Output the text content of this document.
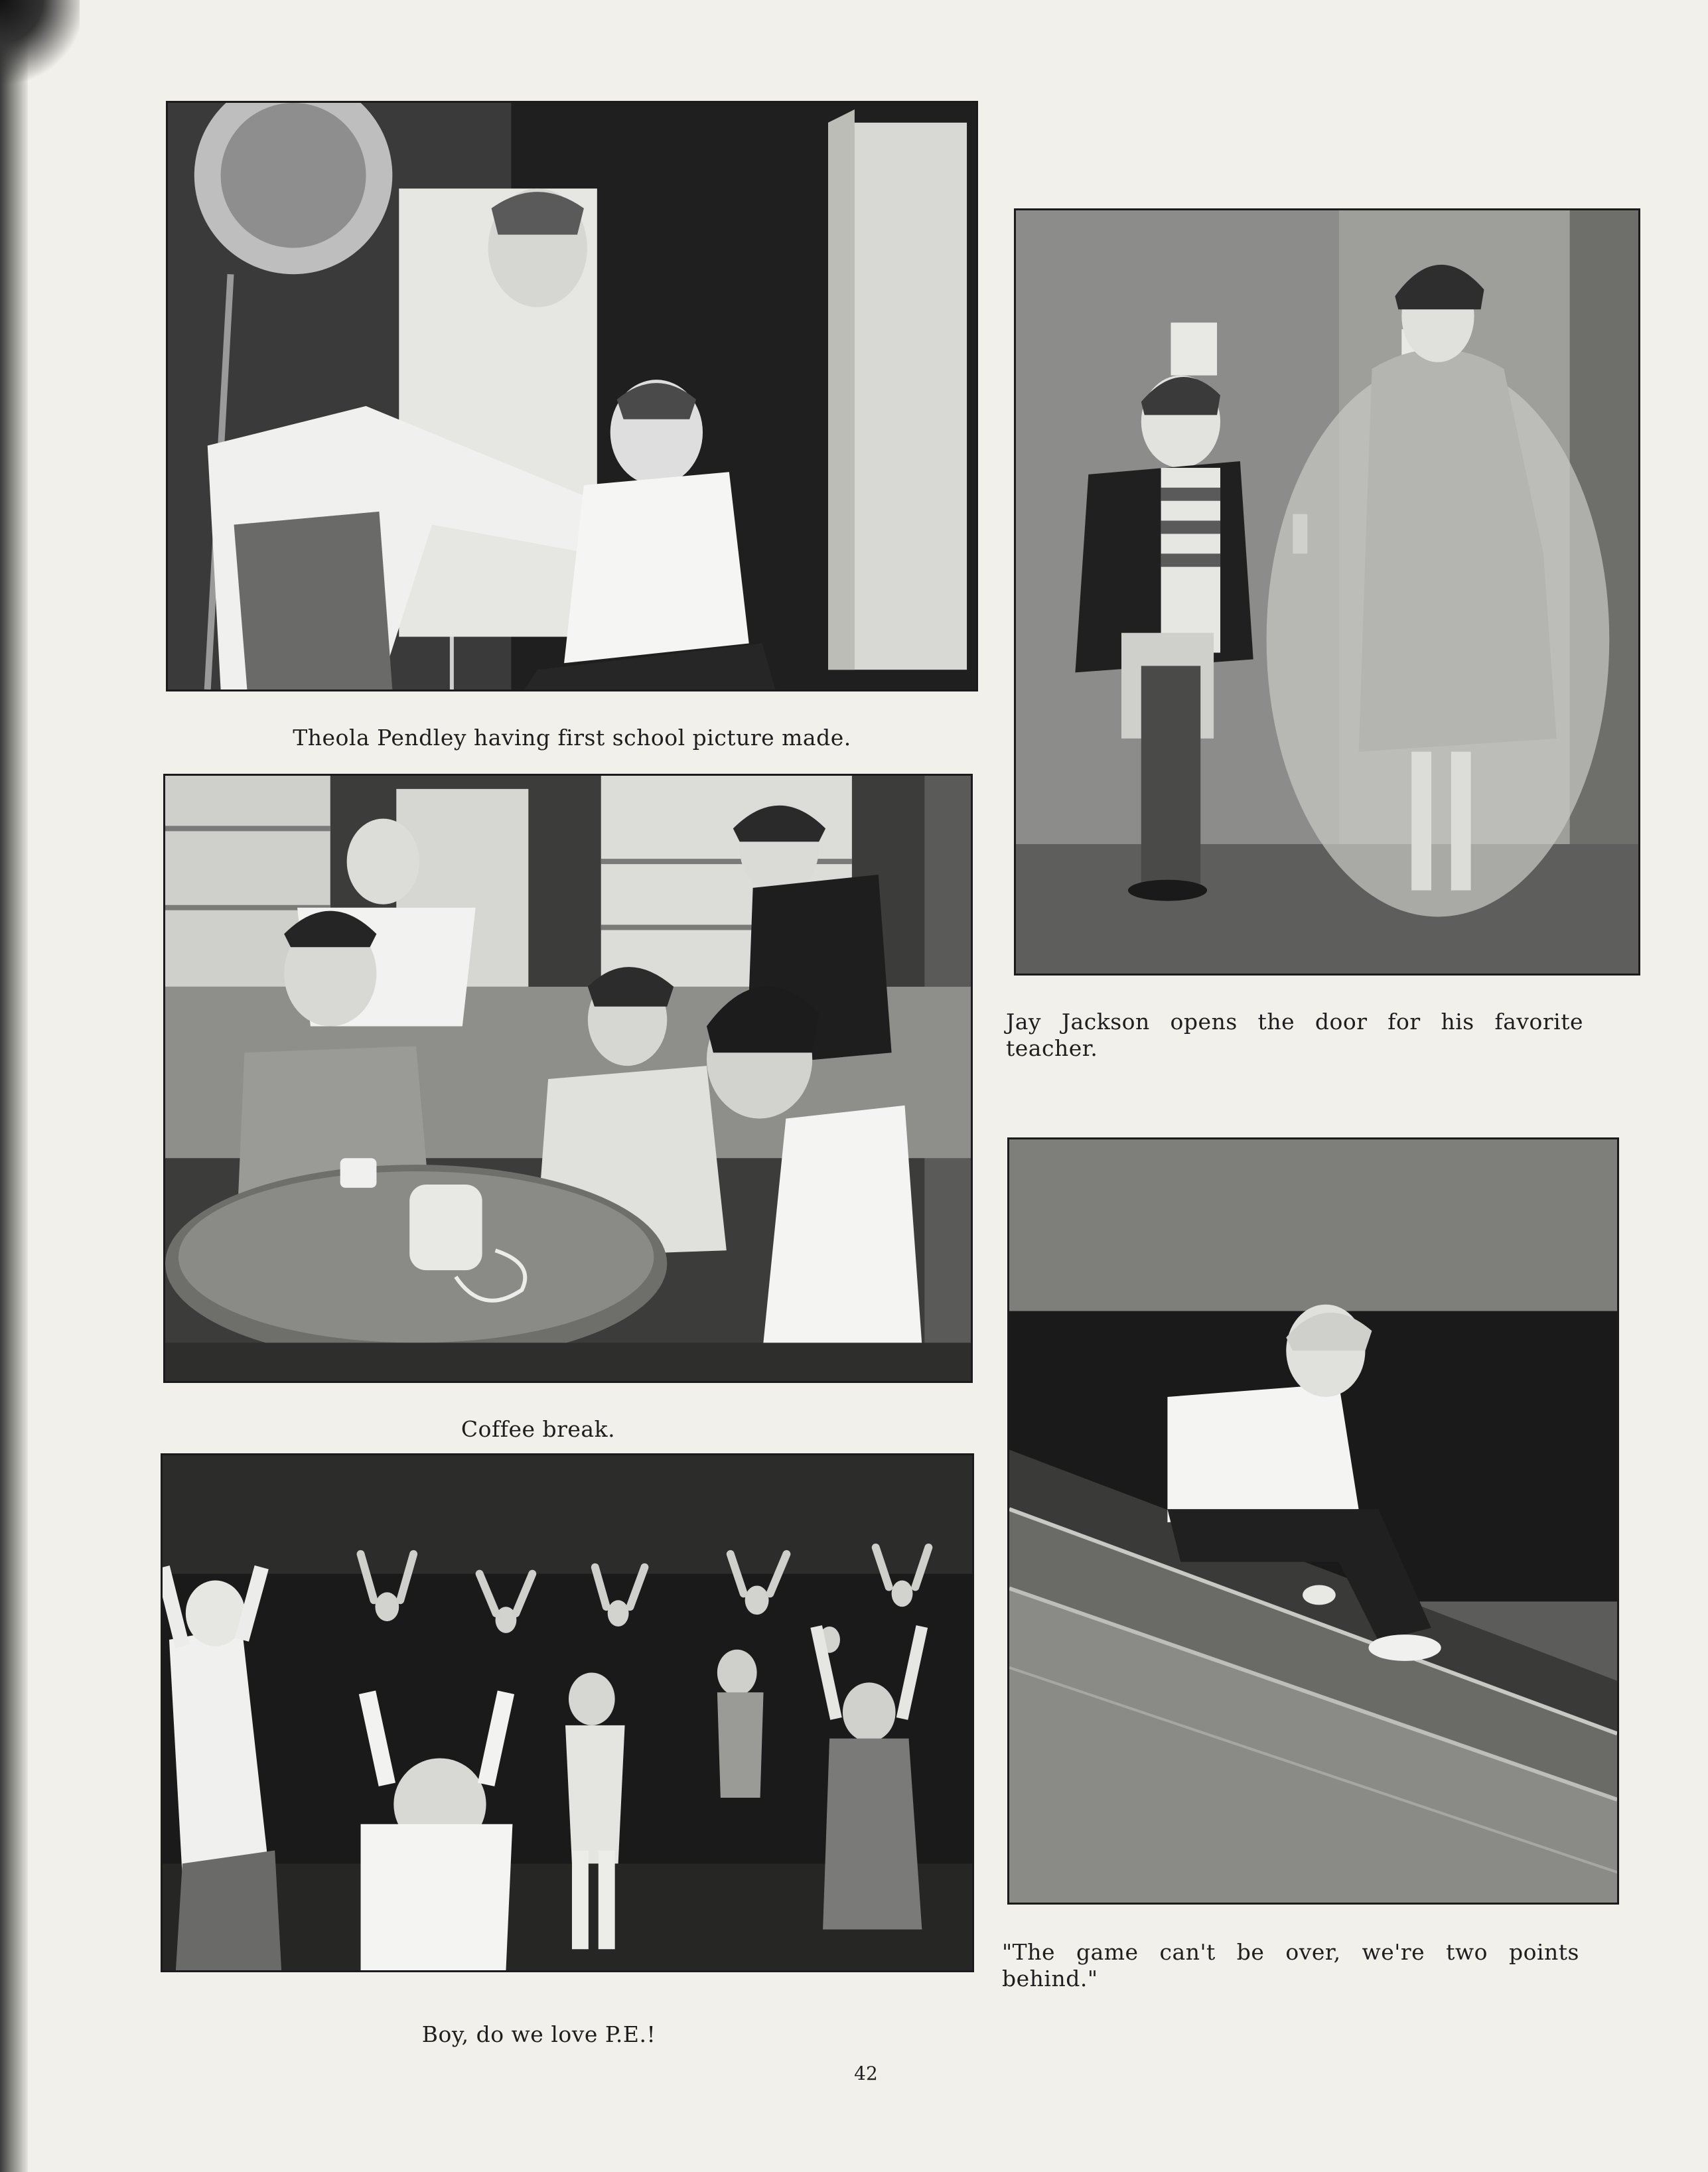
Theola Pendley having first school picture made.
Jay Jackson opens the door for his favorite teacher.
Coffee break.
"The game can't be over, we're two points behind."
Boy, do we love P.E.!
42
